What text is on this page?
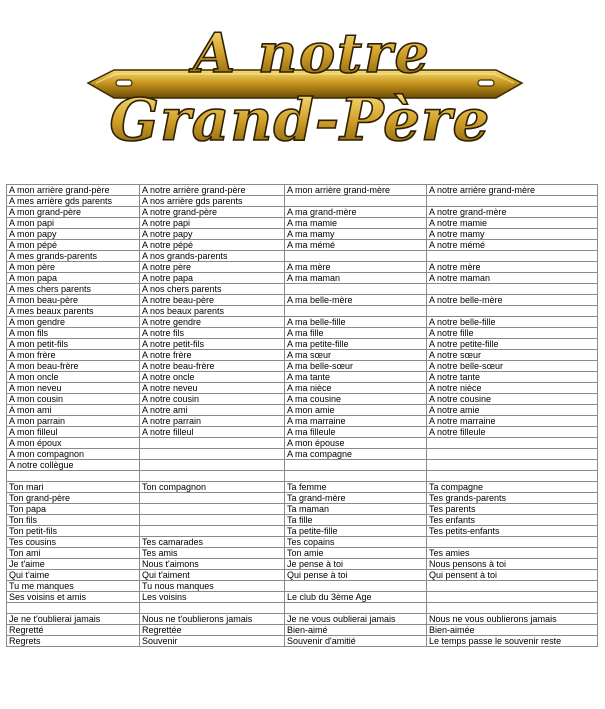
A notre
Grand-Père
A mon arrière grand-père	A notre arrière grand-père	A mon arrière grand-mère	A notre arrière grand-mère
A mes arrière gds parents	A nos arrière gds parents		
A mon grand-père	A notre grand-père	A ma grand-mère	A notre grand-mère
A mon papi	A notre papi	A ma mamie	A notre mamie
A mon papy	A notre papy	A ma mamy	A notre mamy
A mon pépé	A notre pépé	A ma mémé	A notre mémé
A mes grands-parents	A nos grands-parents		
A mon père	A notre père	A ma mère	A notre mère
A mon papa	A notre papa	A ma maman	A notre maman
A mes chers parents	A nos chers parents		
A mon beau-père	A notre beau-père	A ma belle-mère	A notre belle-mère
A mes beaux parents	A nos beaux parents		
A mon gendre	A notre gendre	A ma belle-fille	A notre belle-fille
A mon fils	A notre fils	A ma fille	A notre fille
A mon petit-fils	A notre petit-fils	A ma petite-fille	A notre petite-fille
A mon frère	A notre frère	A ma sœur	A notre sœur
A mon beau-frère	A notre beau-frère	A ma belle-sœur	A notre belle-sœur
A mon oncle	A notre oncle	A ma tante	A notre tante
A mon neveu	A notre neveu	A ma nièce	A notre nièce
A mon cousin	A notre cousin	A ma cousine	A notre cousine
A mon ami	A notre ami	A mon amie	A notre amie
A mon parrain	A notre parrain	A ma marraine	A notre marraine
A mon filleul	A notre filleul	A ma filleule	A notre filleule
A mon époux		A mon épouse	
A mon compagnon		A ma compagne	
A notre collègue			

Ton mari	Ton compagnon	Ta femme	Ta compagne
Ton grand-père		Ta grand-mère	Tes grands-parents
Ton papa		Ta maman	Tes parents
Ton fils		Ta fille	Tes enfants
Ton petit-fils		Ta petite-fille	Tes petits-enfants
Tes cousins	Tes camarades	Tes copains	
Ton ami	Tes amis	Ton amie	Tes amies
Je t'aime	Nous t'aimons	Je pense à toi	Nous pensons à toi
Qui t'aime	Qui t'aiment	Qui pense à toi	Qui pensent à toi
Tu me manques	Tu nous manques		
Ses voisins et amis	Les voisins	Le club du 3ème Age	

Je ne t'oublierai jamais	Nous ne t'oublierons jamais	Je ne vous oublierai jamais	Nous ne vous oublierons jamais
Regretté	Regrettée	Bien-aimé	Bien-aimée
Regrets	Souvenir	Souvenir d'amitié	Le temps passe le souvenir reste
